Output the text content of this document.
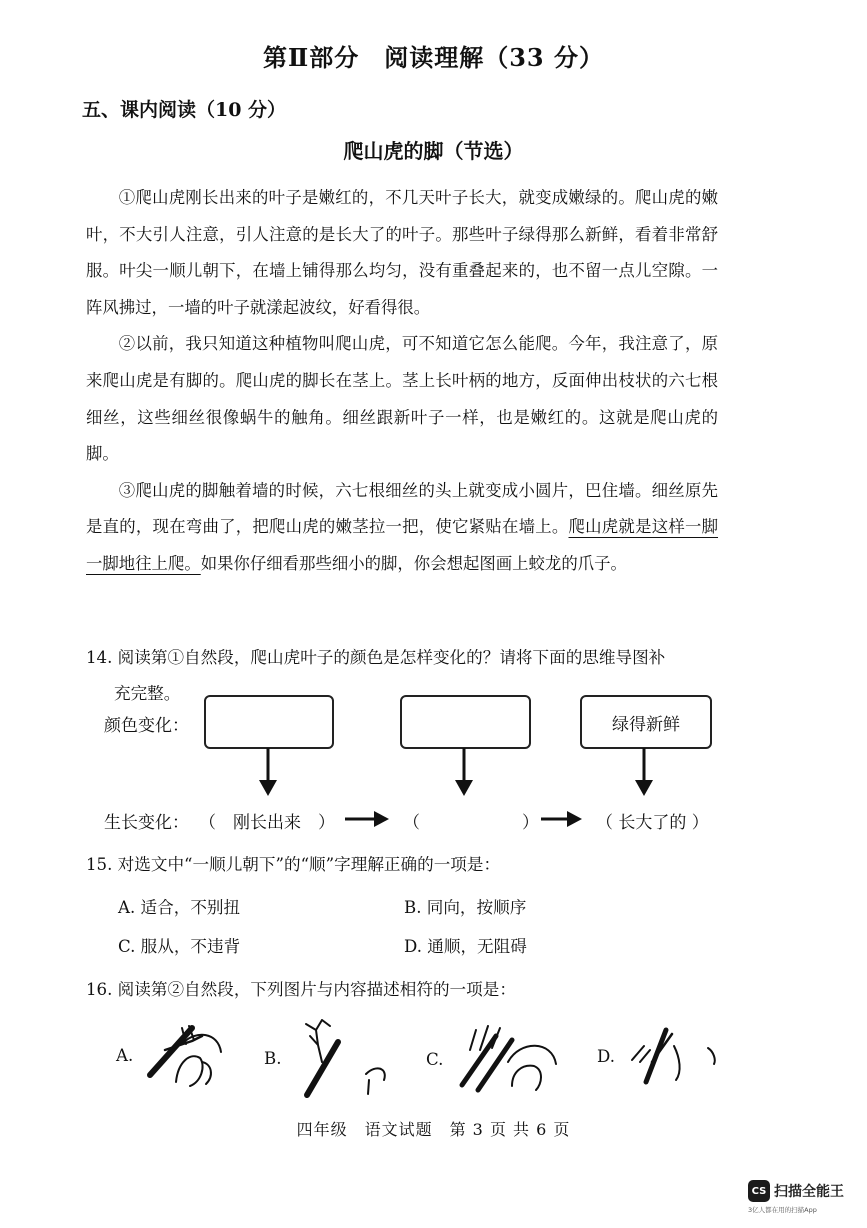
第Ⅱ部分　阅读理解（33 分）
五、课内阅读（10 分）
爬山虎的脚（节选）

①爬山虎刚长出来的叶子是嫩红的，不几天叶子长大，就变成嫩绿的。爬山虎的嫩叶，不大引人注意，引人注意的是长大了的叶子。那些叶子绿得那么新鲜，看着非常舒服。叶尖一顺儿朝下，在墙上铺得那么均匀，没有重叠起来的，也不留一点儿空隙。一阵风拂过，一墙的叶子就漾起波纹，好看得很。

②以前，我只知道这种植物叫爬山虎，可不知道它怎么能爬。今年，我注意了，原来爬山虎是有脚的。爬山虎的脚长在茎上。茎上长叶柄的地方，反面伸出枝状的六七根细丝，这些细丝很像蜗牛的触角。细丝跟新叶子一样，也是嫩红的。这就是爬山虎的脚。

③爬山虎的脚触着墙的时候，六七根细丝的头上就变成小圆片，巴住墙。细丝原先是直的，现在弯曲了，把爬山虎的嫩茎拉一把，使它紧贴在墙上。爬山虎就是这样一脚一脚地往上爬。如果你仔细看那些细小的脚，你会想起图画上蛟龙的爪子。

14. 阅读第①自然段，爬山虎叶子的颜色是怎样变化的？请将下面的思维导图补
充完整。
颜色变化：	绿得新鲜
生长变化： （　刚长出来　）	（　　　　　　）	（ 长大了的 ）
15. 对选文中“一顺儿朝下”的“顺”字理解正确的一项是：
A. 适合，不别扭	B. 同向，按顺序
C. 服从，不违背	D. 通顺，无阻碍
16. 阅读第②自然段，下列图片与内容描述相符的一项是：
A.	B.	C.	D.
四年级　语文试题　第 3 页 共 6 页
CS 扫描全能王
3亿人都在用的扫描App
